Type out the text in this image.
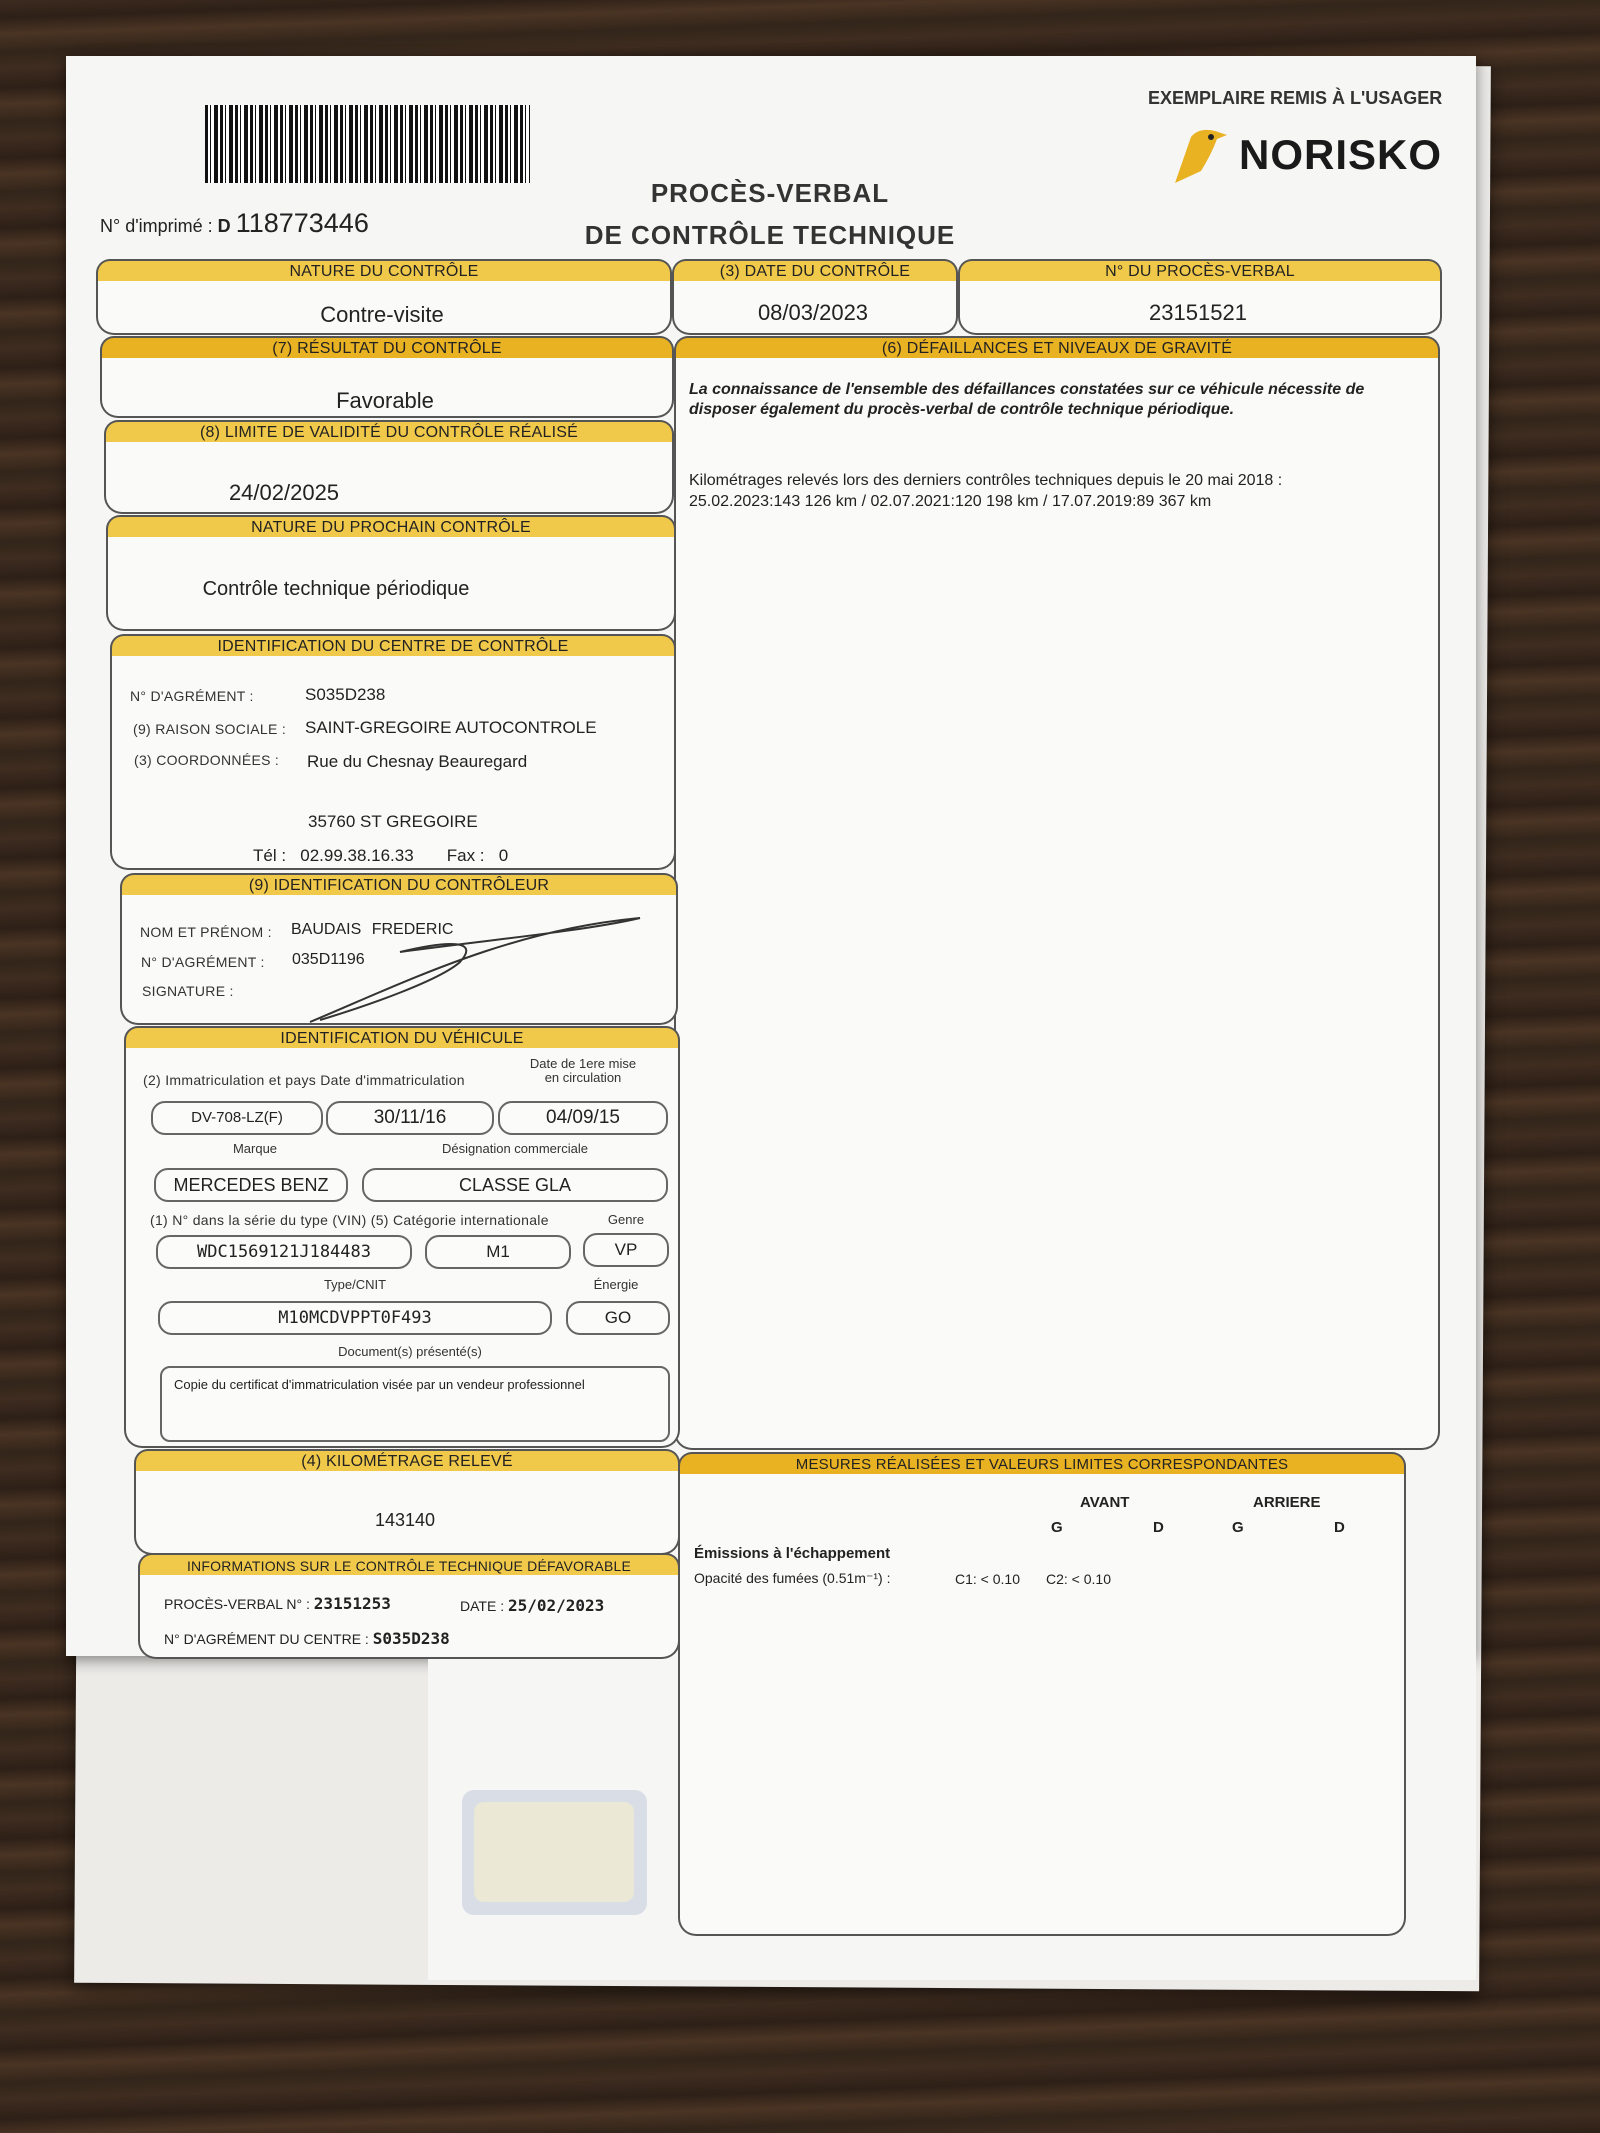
EXEMPLAIRE REMIS À L'USAGER
NORISKO
PROCÈS-VERBAL
DE CONTRÔLE TECHNIQUE
N° d'imprimé : D 118773446
NATURE DU CONTRÔLE
Contre-visite
(3) DATE DU CONTRÔLE
08/03/2023
N° DU PROCÈS-VERBAL
23151521
(7) RÉSULTAT DU CONTRÔLE
Favorable
(6) DÉFAILLANCES ET NIVEAUX DE GRAVITÉ
La connaissance de l'ensemble des défaillances constatées sur ce véhicule nécessite de disposer également du procès-verbal de contrôle technique périodique.
Kilométrages relevés lors des derniers contrôles techniques depuis le 20 mai 2018 :
25.02.2023:143 126 km / 02.07.2021:120 198 km / 17.07.2019:89 367 km
(8) LIMITE DE VALIDITÉ DU CONTRÔLE RÉALISÉ
24/02/2025
NATURE DU PROCHAIN CONTRÔLE
Contrôle technique périodique
IDENTIFICATION DU CENTRE DE CONTRÔLE
N° D'AGRÉMENT :	S035D238
(9) RAISON SOCIALE : SAINT-GREGOIRE AUTOCONTROLE
(3) COORDONNÉES : Rue du Chesnay Beauregard
35760 ST GREGOIRE
Tél : 02.99.38.16.33 Fax : 0
(9) IDENTIFICATION DU CONTRÔLEUR
NOM ET PRÉNOM : BAUDAIS FREDERIC
N° D'AGRÉMENT : 035D1196
SIGNATURE :
IDENTIFICATION DU VÉHICULE
(2) Immatriculation et pays Date d'immatriculation
Date de 1ere mise
en circulation
DV-708-LZ(F)	30/11/16	04/09/15
Marque	Désignation commerciale
MERCEDES BENZ	CLASSE GLA
(1) N° dans la série du type (VIN) (5) Catégorie internationale	Genre
WDC1569121J184483	M1	VP
Type/CNIT	Énergie
M10MCDVPPT0F493	GO
Document(s) présenté(s)
Copie du certificat d'immatriculation visée par un vendeur professionnel
(4) KILOMÉTRAGE RELEVÉ
143140
INFORMATIONS SUR LE CONTRÔLE TECHNIQUE DÉFAVORABLE
PROCÈS-VERBAL N° : 23151253	DATE : 25/02/2023
N° D'AGRÉMENT DU CENTRE : S035D238
MESURES RÉALISÉES ET VALEURS LIMITES CORRESPONDANTES
AVANT	ARRIERE
G	D	G	D
Émissions à l'échappement
Opacité des fumées (0.51m⁻¹) :	C1: < 0.10 C2: < 0.10
